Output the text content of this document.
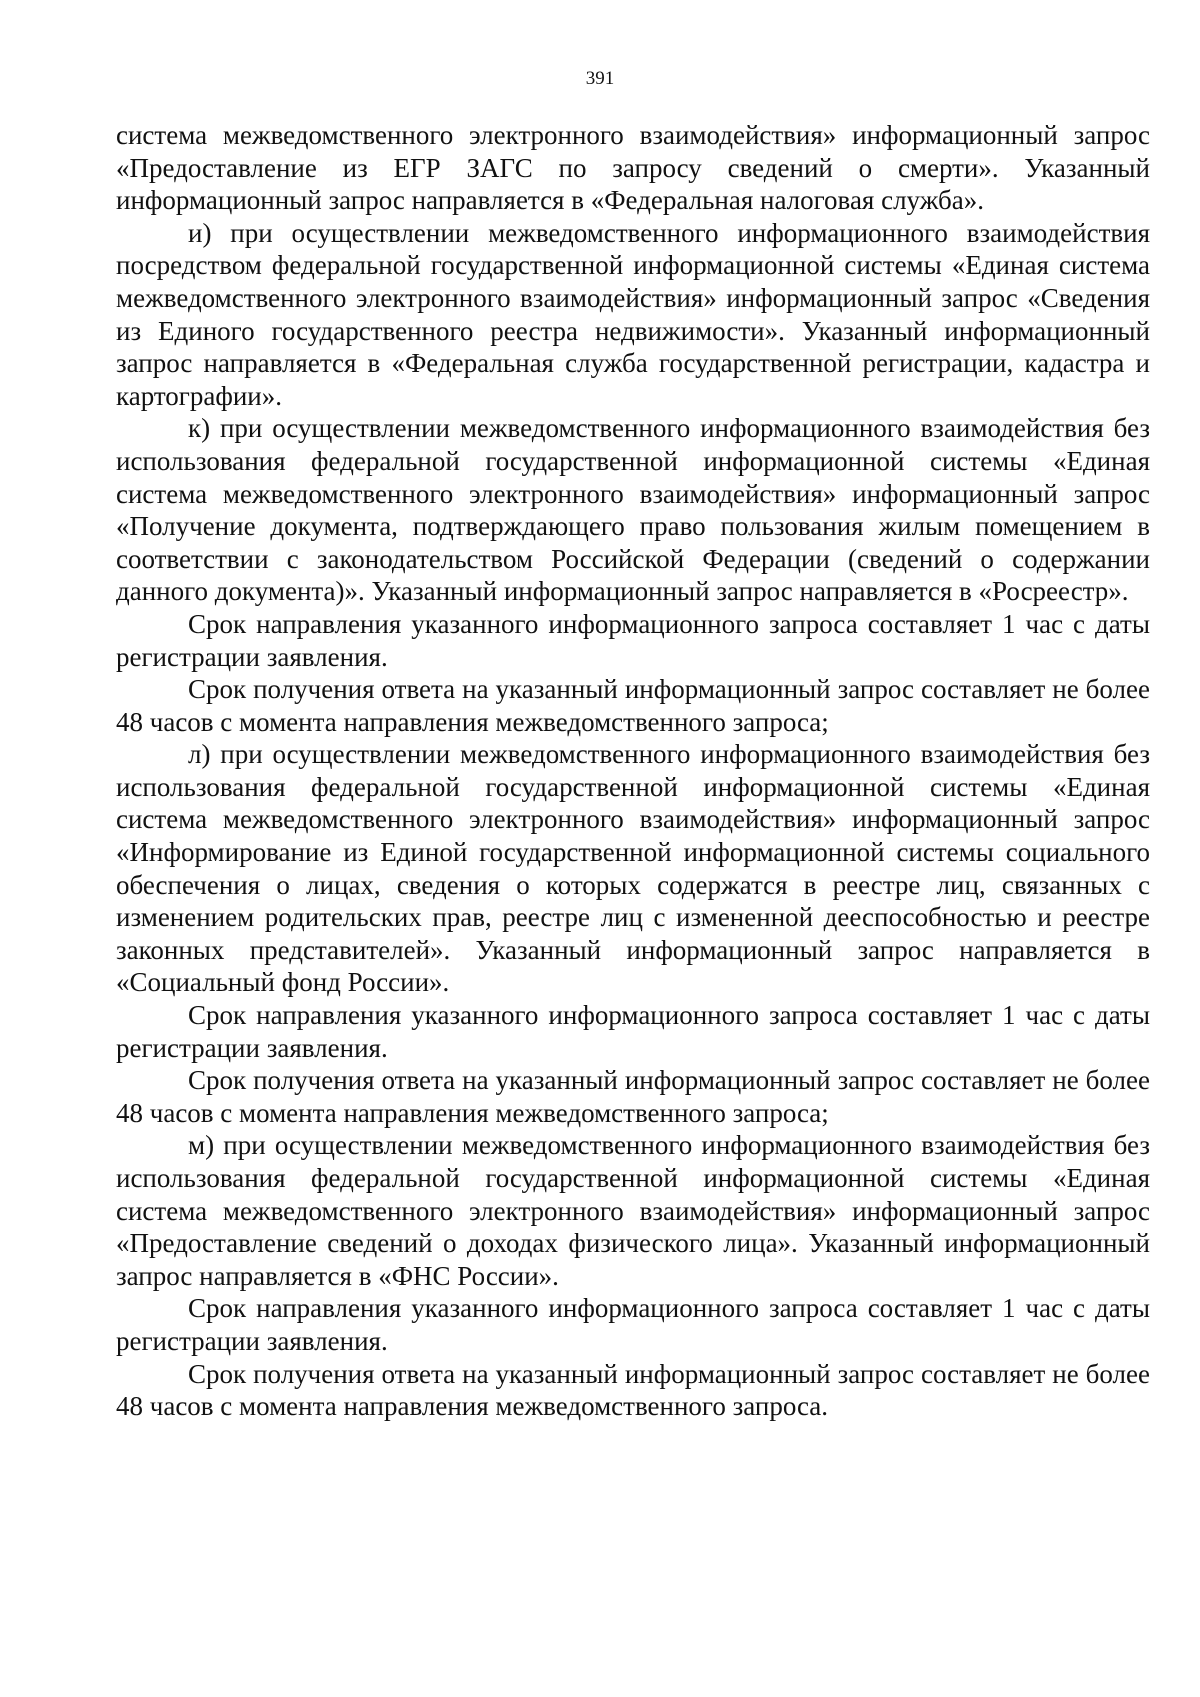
391

система межведомственного электронного взаимодействия» информационный запрос «Предоставление из ЕГР ЗАГС по запросу сведений о смерти». Указанный информационный запрос направляется в «Федеральная налоговая служба».

и) при осуществлении межведомственного информационного взаимодействия посредством федеральной государственной информационной системы «Единая система межведомственного электронного взаимодействия» информационный запрос «Сведения из Единого государственного реестра недвижимости». Указанный информационный запрос направляется в «Федеральная служба государственной регистрации, кадастра и картографии».

к) при осуществлении межведомственного информационного взаимодействия без использования федеральной государственной информационной системы «Единая система межведомственного электронного взаимодействия» информационный запрос «Получение документа, подтверждающего право пользования жилым помещением в соответствии с законодательством Российской Федерации (сведений о содержании данного документа)». Указанный информационный запрос направляется в «Росреестр».

Срок направления указанного информационного запроса составляет 1 час с даты регистрации заявления.

Срок получения ответа на указанный информационный запрос составляет не более 48 часов с момента направления межведомственного запроса;

л) при осуществлении межведомственного информационного взаимодействия без использования федеральной государственной информационной системы «Единая система межведомственного электронного взаимодействия» информационный запрос «Информирование из Единой государственной информационной системы социального обеспечения о лицах, сведения о которых содержатся в реестре лиц, связанных с изменением родительских прав, реестре лиц с измененной дееспособностью и реестре законных представителей». Указанный информационный запрос направляется в «Социальный фонд России».

Срок направления указанного информационного запроса составляет 1 час с даты регистрации заявления.

Срок получения ответа на указанный информационный запрос составляет не более 48 часов с момента направления межведомственного запроса;

м) при осуществлении межведомственного информационного взаимодействия без использования федеральной государственной информационной системы «Единая система межведомственного электронного взаимодействия» информационный запрос «Предоставление сведений о доходах физического лица». Указанный информационный запрос направляется в «ФНС России».

Срок направления указанного информационного запроса составляет 1 час с даты регистрации заявления.

Срок получения ответа на указанный информационный запрос составляет не более 48 часов с момента направления межведомственного запроса.
